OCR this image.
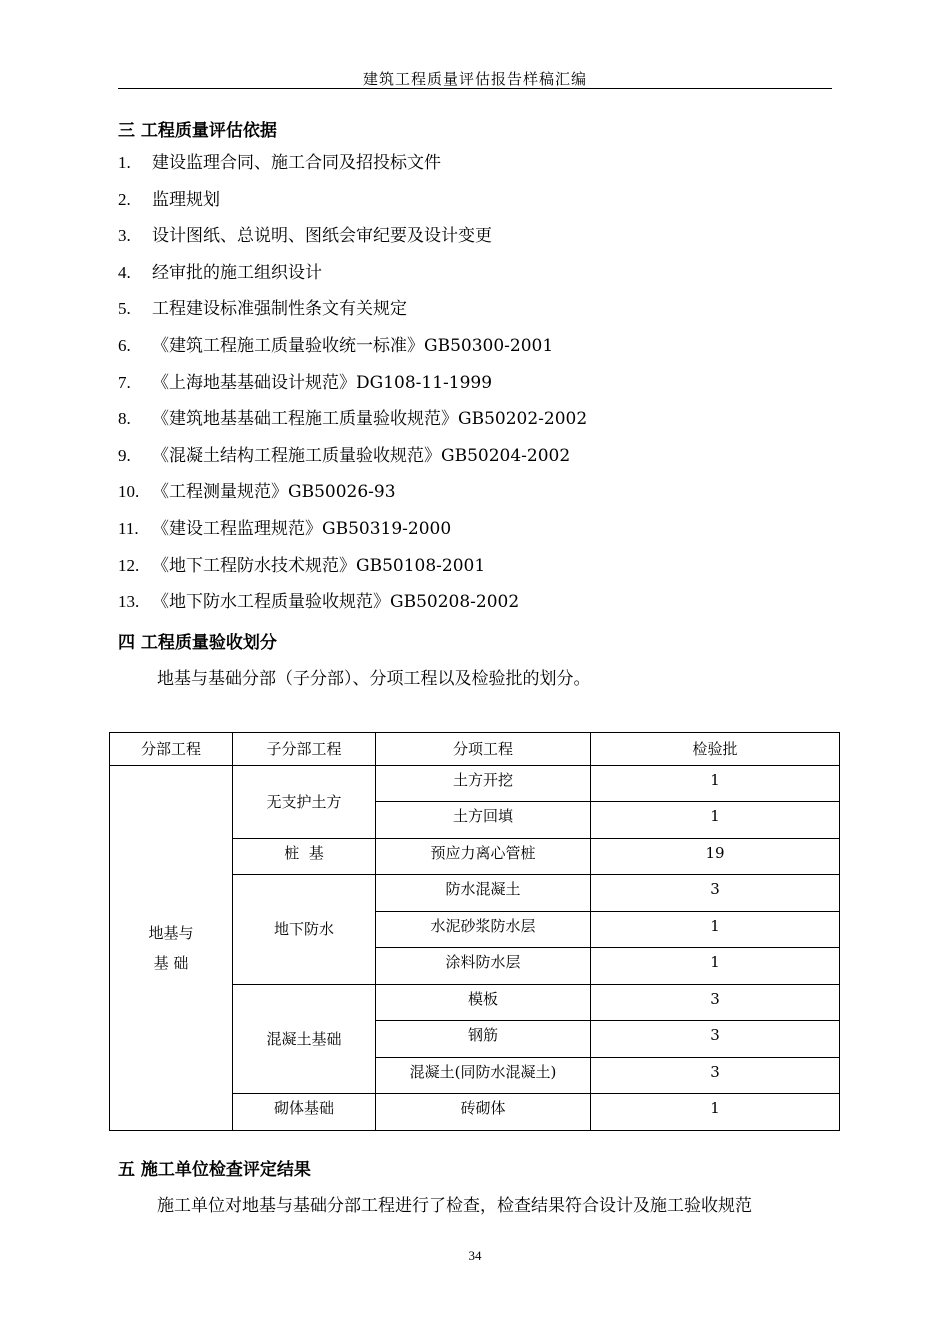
建筑工程质量评估报告样稿汇编
三 工程质量评估依据
1. 建设监理合同、施工合同及招投标文件
2. 监理规划
3. 设计图纸、总说明、图纸会审纪要及设计变更
4. 经审批的施工组织设计
5. 工程建设标准强制性条文有关规定
6. 《建筑工程施工质量验收统一标准》GB50300-2001
7. 《上海地基基础设计规范》DG108-11-1999
8. 《建筑地基基础工程施工质量验收规范》GB50202-2002
9. 《混凝土结构工程施工质量验收规范》GB50204-2002
10. 《工程测量规范》GB50026-93
11. 《建设工程监理规范》GB50319-2000
12. 《地下工程防水技术规范》GB50108-2001
13. 《地下防水工程质量验收规范》GB50208-2002
四 工程质量验收划分
地基与基础分部（子分部）、分项工程以及检验批的划分。
分部工程	子分部工程	分项工程	检验批

地基与
基 础	无支护土方	土方开挖	1
		土方回填	1
	桩  基	预应力离心管桩	19
	地下防水	防水混凝土	3
		水泥砂浆防水层	1
		涂料防水层	1
	混凝土基础	模板	3
		钢筋	3
		混凝土(同防水混凝土)	3
	砌体基础	砖砌体	1
五 施工单位检查评定结果
施工单位对地基与基础分部工程进行了检查，检查结果符合设计及施工验收规范
34
